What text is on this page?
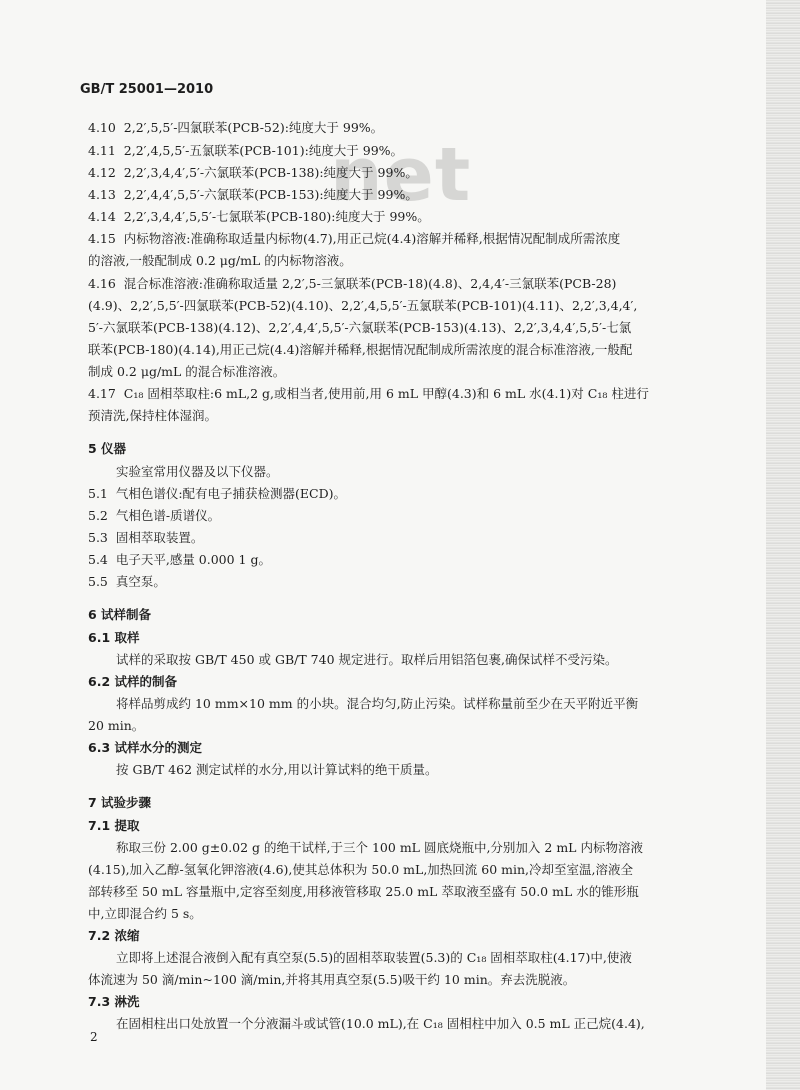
net
GB/T 25001—2010
4.10 2,2′,5,5′-四氯联苯(PCB-52):纯度大于 99%。
4.11 2,2′,4,5,5′-五氯联苯(PCB-101):纯度大于 99%。
4.12 2,2′,3,4,4′,5′-六氯联苯(PCB-138):纯度大于 99%。
4.13 2,2′,4,4′,5,5′-六氯联苯(PCB-153):纯度大于 99%。
4.14 2,2′,3,4,4′,5,5′-七氯联苯(PCB-180):纯度大于 99%。
4.15 内标物溶液:准确称取适量内标物(4.7),用正己烷(4.4)溶解并稀释,根据情况配制成所需浓度
的溶液,一般配制成 0.2 μg/mL 的内标物溶液。
4.16 混合标准溶液:准确称取适量 2,2′,5-三氯联苯(PCB-18)(4.8)、2,4,4′-三氯联苯(PCB-28)
(4.9)、2,2′,5,5′-四氯联苯(PCB-52)(4.10)、2,2′,4,5,5′-五氯联苯(PCB-101)(4.11)、2,2′,3,4,4′,
5′-六氯联苯(PCB-138)(4.12)、2,2′,4,4′,5,5′-六氯联苯(PCB-153)(4.13)、2,2′,3,4,4′,5,5′-七氯
联苯(PCB-180)(4.14),用正己烷(4.4)溶解并稀释,根据情况配制成所需浓度的混合标准溶液,一般配
制成 0.2 μg/mL 的混合标准溶液。
4.17 C₁₈ 固相萃取柱:6 mL,2 g,或相当者,使用前,用 6 mL 甲醇(4.3)和 6 mL 水(4.1)对 C₁₈ 柱进行
预清洗,保持柱体湿润。
5 仪器
实验室常用仪器及以下仪器。
5.1 气相色谱仪:配有电子捕获检测器(ECD)。
5.2 气相色谱-质谱仪。
5.3 固相萃取装置。
5.4 电子天平,感量 0.000 1 g。
5.5 真空泵。
6 试样制备
6.1 取样
试样的采取按 GB/T 450 或 GB/T 740 规定进行。取样后用铝箔包裹,确保试样不受污染。
6.2 试样的制备
将样品剪成约 10 mm×10 mm 的小块。混合均匀,防止污染。试样称量前至少在天平附近平衡
20 min。
6.3 试样水分的测定
按 GB/T 462 测定试样的水分,用以计算试料的绝干质量。
7 试验步骤
7.1 提取
称取三份 2.00 g±0.02 g 的绝干试样,于三个 100 mL 圆底烧瓶中,分别加入 2 mL 内标物溶液
(4.15),加入乙醇-氢氧化钾溶液(4.6),使其总体积为 50.0 mL,加热回流 60 min,冷却至室温,溶液全
部转移至 50 mL 容量瓶中,定容至刻度,用移液管移取 25.0 mL 萃取液至盛有 50.0 mL 水的锥形瓶
中,立即混合约 5 s。
7.2 浓缩
立即将上述混合液倒入配有真空泵(5.5)的固相萃取装置(5.3)的 C₁₈ 固相萃取柱(4.17)中,使液
体流速为 50 滴/min~100 滴/min,并将其用真空泵(5.5)吸干约 10 min。弃去洗脱液。
7.3 淋洗
在固相柱出口处放置一个分液漏斗或试管(10.0 mL),在 C₁₈ 固相柱中加入 0.5 mL 正己烷(4.4),
2
